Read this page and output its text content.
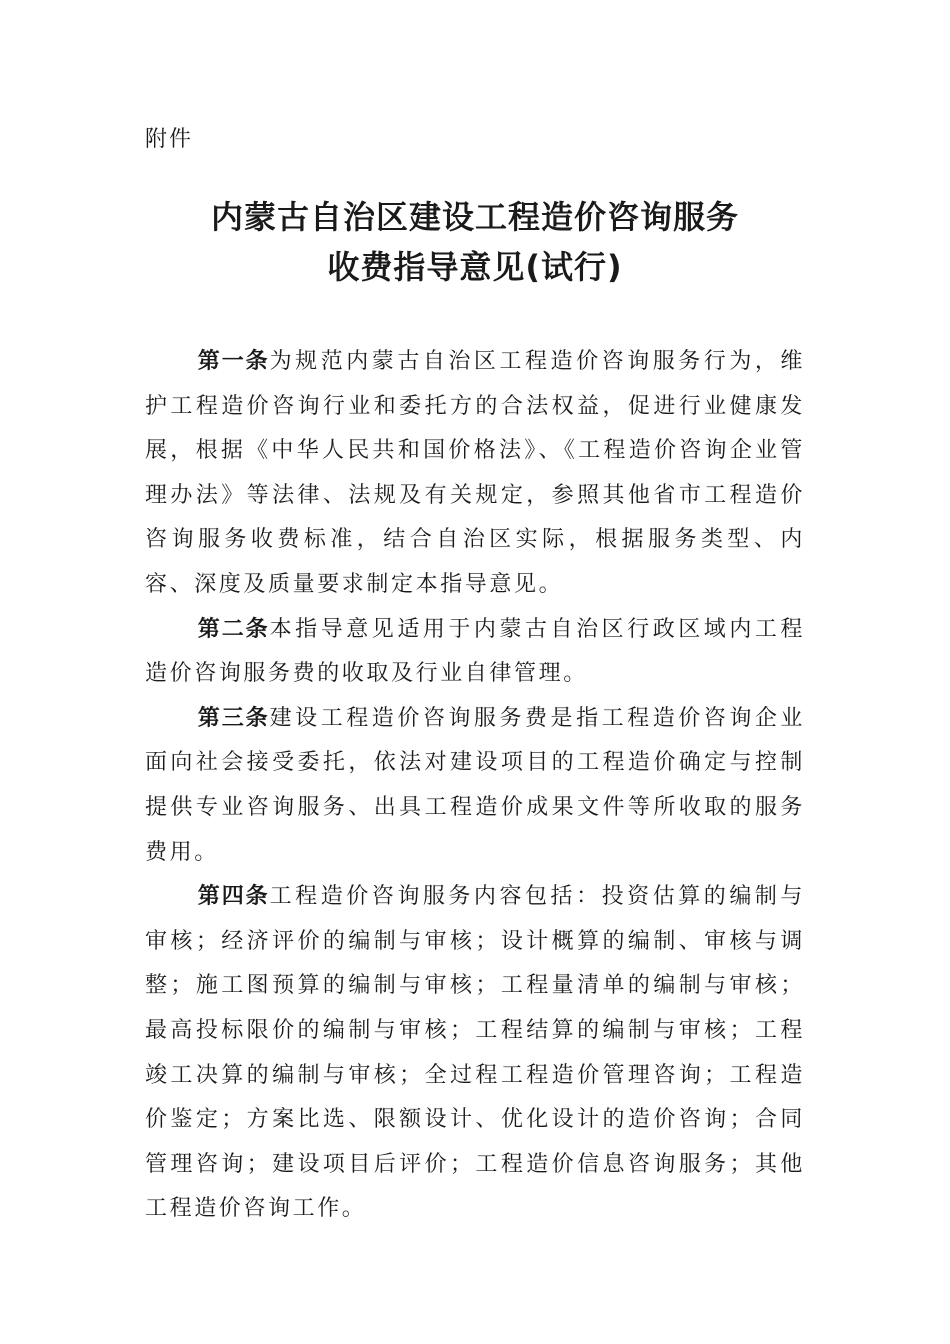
附件

内蒙古自治区建设工程造价咨询服务
收费指导意见(试行)

第一条为规范内蒙古自治区工程造价咨询服务行为，维护工程造价咨询行业和委托方的合法权益，促进行业健康发展，根据《中华人民共和国价格法》、《工程造价咨询企业管理办法》等法律、法规及有关规定，参照其他省市工程造价咨询服务收费标准，结合自治区实际，根据服务类型、内容、深度及质量要求制定本指导意见。

第二条本指导意见适用于内蒙古自治区行政区域内工程造价咨询服务费的收取及行业自律管理。

第三条建设工程造价咨询服务费是指工程造价咨询企业面向社会接受委托，依法对建设项目的工程造价确定与控制提供专业咨询服务、出具工程造价成果文件等所收取的服务费用。

第四条工程造价咨询服务内容包括：投资估算的编制与审核；经济评价的编制与审核；设计概算的编制、审核与调整；施工图预算的编制与审核；工程量清单的编制与审核；最高投标限价的编制与审核；工程结算的编制与审核；工程竣工决算的编制与审核；全过程工程造价管理咨询；工程造价鉴定；方案比选、限额设计、优化设计的造价咨询；合同管理咨询；建设项目后评价；工程造价信息咨询服务；其他工程造价咨询工作。
